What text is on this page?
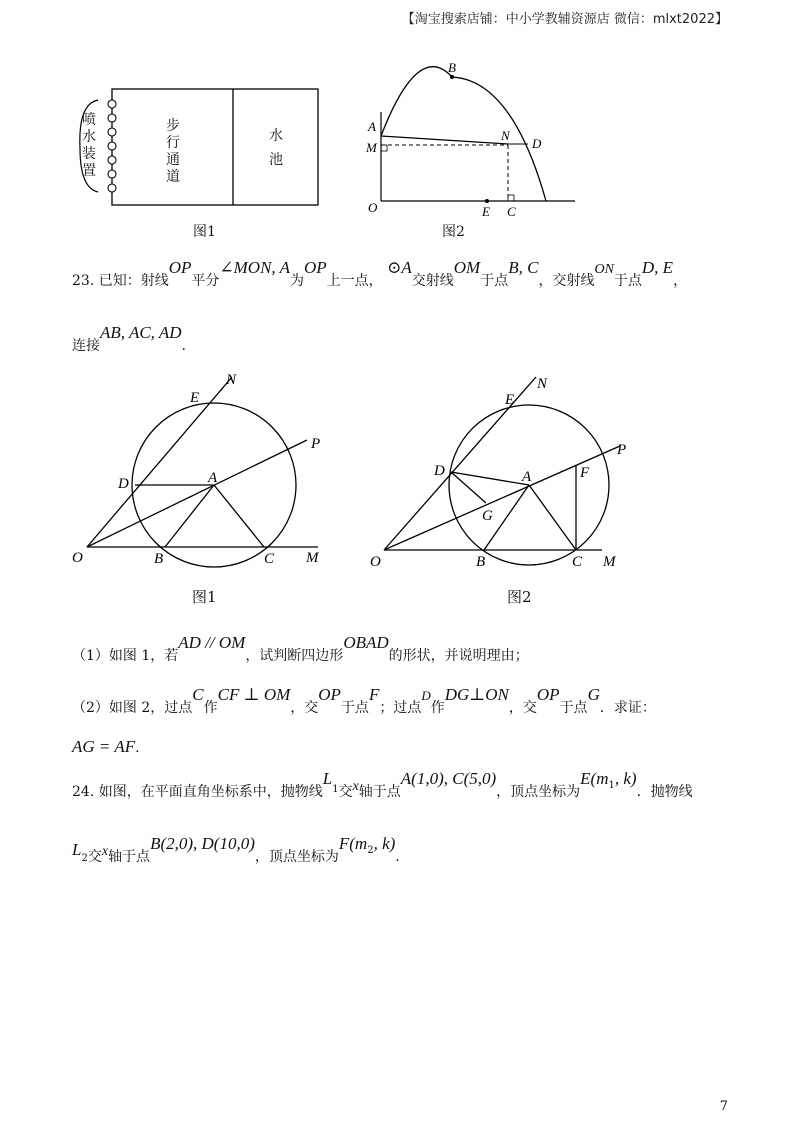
【淘宝搜索店铺：中小学教辅资源店 微信：mlxt2022】
B
A
N
D
M
O	E C
喷水装置
步行通道
水池
图1	图2
23. 已知：射线OP平分∠MON, A为OP上一点， ⊙A交射线OM于点B, C，交射线ON于点D, E，
连接AB, AC, AD.
N
E
P
D	A
O	B	C M
N
E
P
D	A	F
G
O	B	C M
图1	图2
（1）如图 1，若AD // OM，试判断四边形OBAD的形状，并说明理由；
（2）如图 2，过点C作CF ⊥ OM，交OP于点F；过点D作DG⊥ON，交OP于点G．求证：
AG = AF.
24. 如图，在平面直角坐标系中，抛物线$L_1$交x轴于点A(1,0), C(5,0)，顶点坐标为$E(m_1$, k)．抛物线
$L_2$交x轴于点B(2,0), D(10,0)，顶点坐标为$F(m_2$, k).
7
